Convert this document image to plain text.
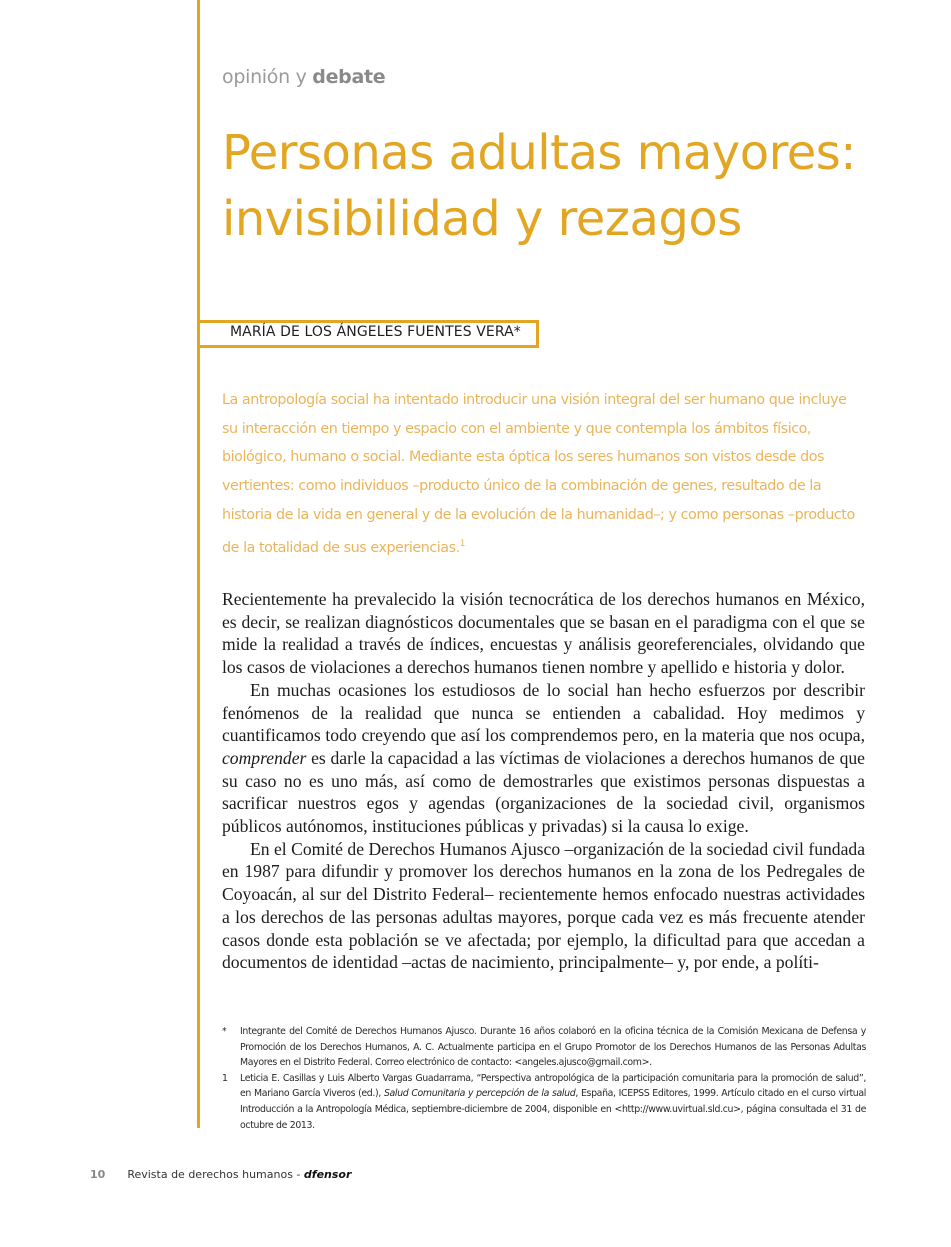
opinión y debate
Personas adultas mayores: invisibilidad y rezagos
MARÍA DE LOS ÁNGELES FUENTES VERA*

La antropología social ha intentado introducir una visión integral del ser humano que incluye su interacción en tiempo y espacio con el ambiente y que contempla los ámbitos físico, biológico, humano o social. Mediante esta óptica los seres humanos son vistos desde dos vertientes: como individuos –producto único de la combinación de genes, resultado de la historia de la vida en general y de la evolución de la humanidad–; y como personas –producto de la totalidad de sus experiencias.$^1$

Recientemente ha prevalecido la visión tecnocrática de los derechos humanos en México, es decir, se realizan diagnósticos documentales que se basan en el paradigma con el que se mide la realidad a través de índices, encuestas y análisis georeferenciales, olvidando que los casos de violaciones a derechos humanos tienen nombre y apellido e historia y dolor.

En muchas ocasiones los estudiosos de lo social han hecho esfuerzos por describir fenómenos de la realidad que nunca se entienden a cabalidad. Hoy medimos y cuantificamos todo creyendo que así los comprendemos pero, en la materia que nos ocupa, comprender es darle la capacidad a las víctimas de violaciones a derechos humanos de que su caso no es uno más, así como de demostrarles que existimos personas dispuestas a sacrificar nuestros egos y agendas (organizaciones de la sociedad civil, organismos públicos autónomos, instituciones públicas y privadas) si la causa lo exige.

En el Comité de Derechos Humanos Ajusco –organización de la sociedad civil fundada en 1987 para difundir y promover los derechos humanos en la zona de los Pedregales de Coyoacán, al sur del Distrito Federal– recientemente hemos enfocado nuestras actividades a los derechos de las personas adultas mayores, porque cada vez es más frecuente atender casos donde esta población se ve afectada; por ejemplo, la dificultad para que accedan a documentos de identidad –actas de nacimiento, principalmente– y, por ende, a políti-

* Integrante del Comité de Derechos Humanos Ajusco. Durante 16 años colaboró en la oficina técnica de la Comisión Mexicana de Defensa y Promoción de los Derechos Humanos, A. C. Actualmente participa en el Grupo Promotor de los Derechos Humanos de las Personas Adultas Mayores en el Distrito Federal. Correo electrónico de contacto: <angeles.ajusco@gmail.com>.
1 Leticia E. Casillas y Luis Alberto Vargas Guadarrama, “Perspectiva antropológica de la participación comunitaria para la promoción de salud”, en Mariano García Viveros (ed.), Salud Comunitaria y percepción de la salud, España, ICEPSS Editores, 1999. Artículo citado en el curso virtual Introducción a la Antropología Médica, septiembre-diciembre de 2004, disponible en <http://www.uvirtual.sld.cu>, página consultada el 31 de octubre de 2013.
10 Revista de derechos humanos - dfensor
